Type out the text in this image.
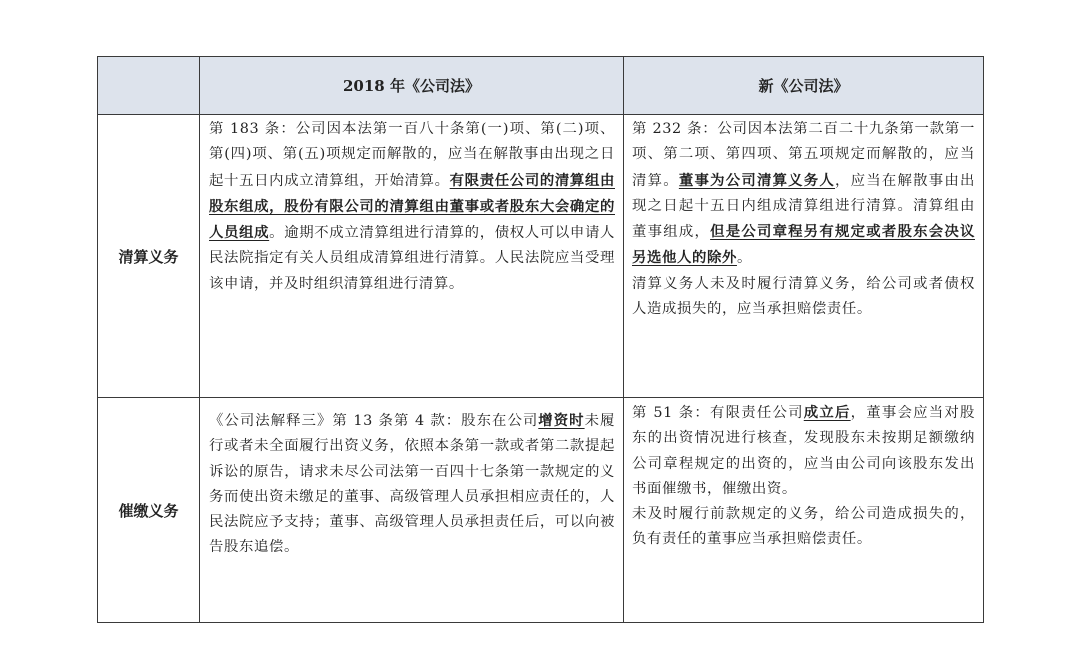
	2018 年《公司法》	新《公司法》
清算义务	第 183 条：公司因本法第一百八十条第(一)项、第(二)项、第(四)项、第(五)项规定而解散的，应当在解散事由出现之日起十五日内成立清算组，开始清算。有限责任公司的清算组由股东组成，股份有限公司的清算组由董事或者股东大会确定的人员组成。逾期不成立清算组进行清算的，债权人可以申请人民法院指定有关人员组成清算组进行清算。人民法院应当受理该申请，并及时组织清算组进行清算。	第 232 条：公司因本法第二百二十九条第一款第一项、第二项、第四项、第五项规定而解散的，应当清算。董事为公司清算义务人，应当在解散事由出现之日起十五日内组成清算组进行清算。清算组由董事组成，但是公司章程另有规定或者股东会决议另选他人的除外。

清算义务人未及时履行清算义务，给公司或者债权人造成损失的，应当承担赔偿责任。

催缴义务	《公司法解释三》第 13 条第 4 款：股东在公司增资时未履行或者未全面履行出资义务，依照本条第一款或者第二款提起诉讼的原告，请求未尽公司法第一百四十七条第一款规定的义务而使出资未缴足的董事、高级管理人员承担相应责任的，人民法院应予支持；董事、高级管理人员承担责任后，可以向被告股东追偿。	第 51 条：有限责任公司成立后，董事会应当对股东的出资情况进行核查，发现股东未按期足额缴纳公司章程规定的出资的，应当由公司向该股东发出书面催缴书，催缴出资。

未及时履行前款规定的义务，给公司造成损失的，负有责任的董事应当承担赔偿责任。
